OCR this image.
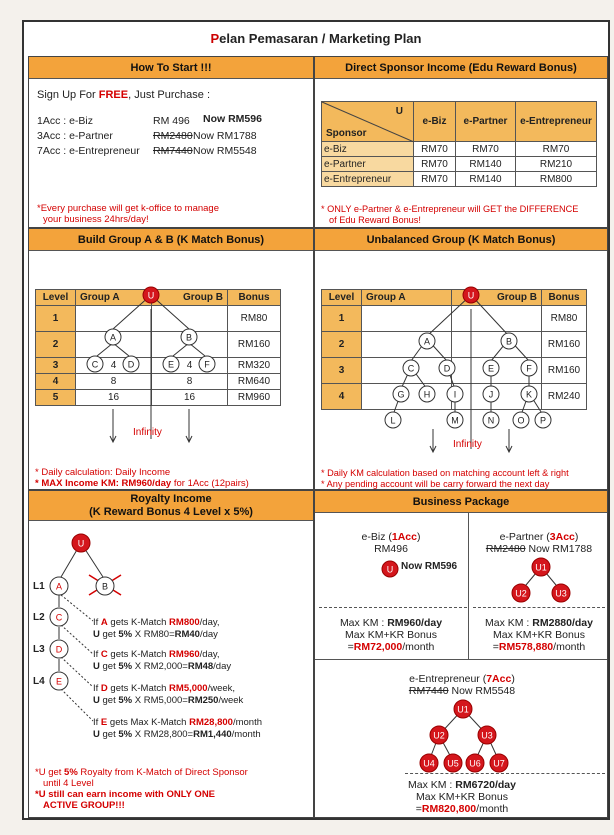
Pelan Pemasaran / Marketing Plan
How To Start !!!
Sign Up For FREE, Just Purchase :
1Acc : e-Biz	RM 496 Now RM596
3Acc : e-Partner	RM2480 Now RM1788
7Acc : e-Entrepreneur RM7440 Now RM5548
*Every purchase will get k-office to manage
your business 24hrs/day!
Direct Sponsor Income (Edu Reward Bonus)
U
Sponsor	e-Biz	e-Partner	e-Entrepreneur
e-Biz	RM70	RM70	RM70
e-Partner	RM70	RM140	RM210
e-Entrepreneur	RM70	RM140	RM800
* ONLY e-Partner & e-Entrepreneur will GET the DIFFERENCE
of Edu Reward Bonus!
Build Group A & B (K Match Bonus)
Level	Group A	Group B	Bonus
1			RM80
2			RM160
3	4	4	RM320
4	8	8	RM640
5	16	16	RM960
U
A	B
C	D	E	F
Infinity
* Daily calculation: Daily Income
* MAX Income KM: RM960/day for 1Acc (12pairs)
Unbalanced Group (K Match Bonus)
Level	Group A	Group B	Bonus
1			RM80
2			RM160
3			RM160
4			RM240
U
A	B
C	D	E	F
G H	I	J	K
L	M	N	O P
Infinity
* Daily KM calculation based on matching account left & right
* Any pending account will be carry forward the next day
Royalty Income
(K Reward Bonus 4 Level x 5%)
U
A	B
C
D
E
L1
L2
L3
L4
If A gets K-Match RM800/day,
U get 5% X RM80=RM40/day
If C gets K-Match RM960/day,
U get 5% X RM2,000=RM48/day
If D gets K-Match RM5,000/week,
U get 5% X RM5,000=RM250/week
If E gets Max K-Match RM28,800/month
U get 5% X RM28,800=RM1,440/month
*U get 5% Royalty from K-Match of Direct Sponsor
until 4 Level
*U still can earn income with ONLY ONE
ACTIVE GROUP!!!
Business Package
e-Biz (1Acc)
RM496
U Now RM596
Max KM : RM960/day
Max KM+KR Bonus
=RM72,000/month
e-Partner (3Acc)
RM2480 Now RM1788
U1
U2	U3
Max KM : RM2880/day
Max KM+KR Bonus
=RM578,880/month
e-Entrepreneur (7Acc)
RM7440 Now RM5548
U1
U2	U3
U4 U5 U6 U7
Max KM : RM6720/day
Max KM+KR Bonus
=RM820,800/month
